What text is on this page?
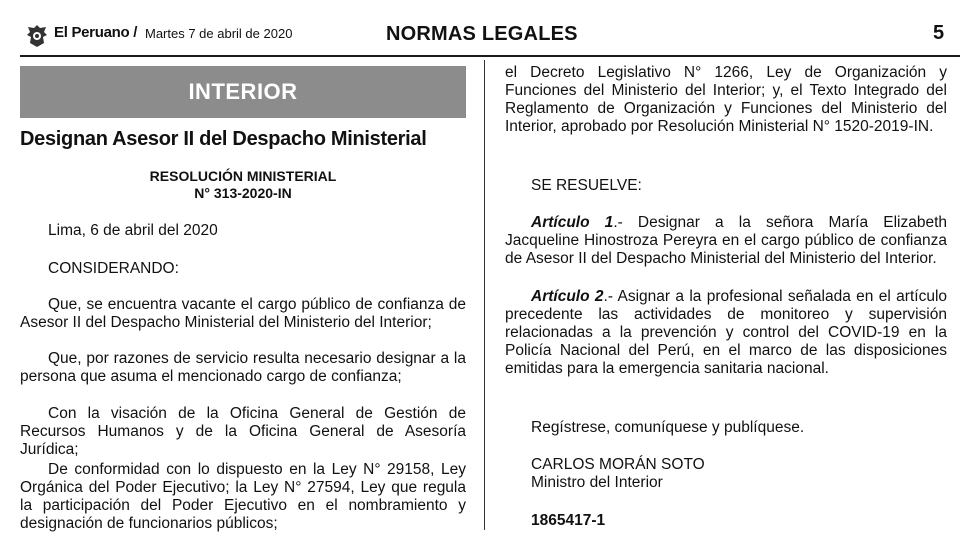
El Peruano / Martes 7 de abril de 2020	NORMAS LEGALES	5
INTERIOR
Designan Asesor II del Despacho Ministerial
RESOLUCIÓN MINISTERIAL
N° 313-2020-IN
Lima, 6 de abril del 2020
CONSIDERANDO:
Que, se encuentra vacante el cargo público de confianza de Asesor II del Despacho Ministerial del Ministerio del Interior;
Que, por razones de servicio resulta necesario designar a la persona que asuma el mencionado cargo de confianza;
Con la visación de la Oficina General de Gestión de Recursos Humanos y de la Oficina General de Asesoría Jurídica;
De conformidad con lo dispuesto en la Ley N° 29158, Ley Orgánica del Poder Ejecutivo; la Ley N° 27594, Ley que regula la participación del Poder Ejecutivo en el nombramiento y designación de funcionarios públicos;
el Decreto Legislativo N° 1266, Ley de Organización y Funciones del Ministerio del Interior; y, el Texto Integrado del Reglamento de Organización y Funciones del Ministerio del Interior, aprobado por Resolución Ministerial N° 1520-2019-IN.
SE RESUELVE:
Artículo 1.- Designar a la señora María Elizabeth Jacqueline Hinostroza Pereyra en el cargo público de confianza de Asesor II del Despacho Ministerial del Ministerio del Interior.
Artículo 2.- Asignar a la profesional señalada en el artículo precedente las actividades de monitoreo y supervisión relacionadas a la prevención y control del COVID-19 en la Policía Nacional del Perú, en el marco de las disposiciones emitidas para la emergencia sanitaria nacional.
Regístrese, comuníquese y publíquese.
CARLOS MORÁN SOTO
Ministro del Interior
1865417-1
